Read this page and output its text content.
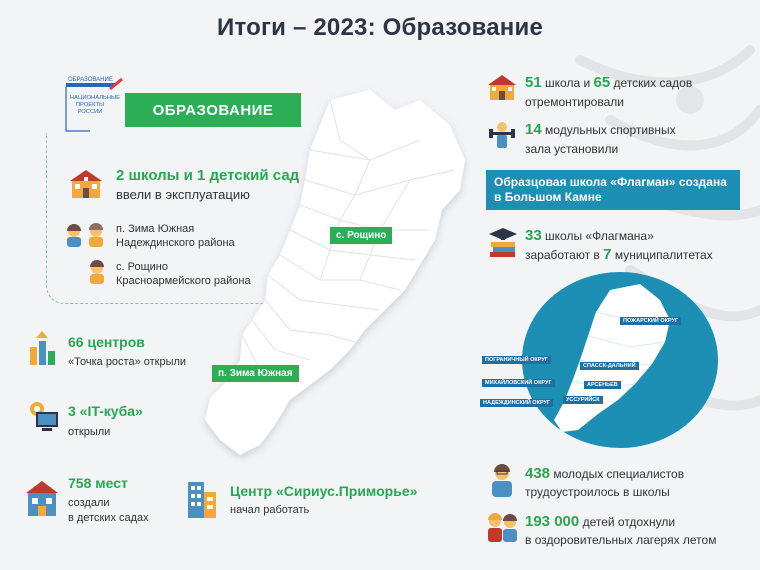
Итоги – 2023: Образование
ОБРАЗОВАНИЕ
НАЦИОНАЛЬНЫЕ
ПРОЕКТЫ
РОССИИ	ОБРАЗОВАНИЕ
2 школы и 1 детский сад
ввели в эксплуатацию
п. Зима Южная
Надеждинского района
с. Рощино
Красноармейского района
66 центров
«Точка роста» открыли
3 «IT-куба»
открыли
758 мест
создали
в детских садах
Центр «Сириус.Приморье»
начал работать
с. Рощино
п. Зима Южная
51 школа и 65 детских садов
отремонтировали
14 модульных спортивных
зала установили
Образцовая школа «Флагман» создана
в Большом Камне
33 школы «Флагмана»
заработают в 7 муниципалитетах
ПОЖАРСКИЙ ОКРУГ
ПОГРАНИЧНЫЙ ОКРУГ
СПАССК-ДАЛЬНИЙ
МИХАЙЛОВСКИЙ ОКРУГ	АРСЕНЬЕВ
НАДЕЖДИНСКИЙ ОКРУГ	УССУРИЙСК
438 молодых специалистов
трудоустроилось в школы
193 000 детей отдохнули
в оздоровительных лагерях летом
